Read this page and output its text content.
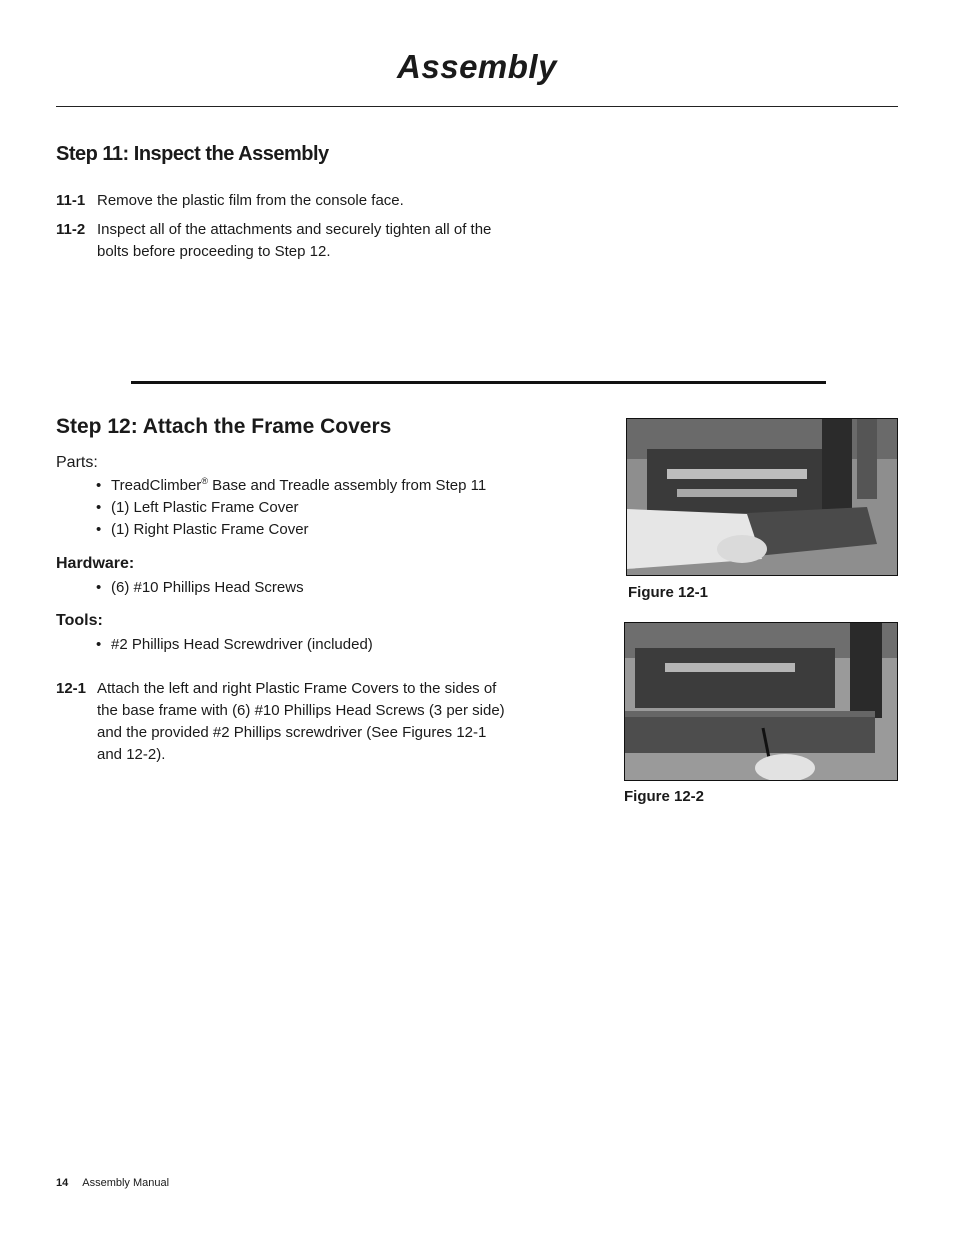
Assembly
Step 11: Inspect the Assembly
11-1 Remove the plastic film from the console face.
11-2 Inspect all of the attachments and securely tighten all of the bolts before proceeding to Step 12.
Step 12: Attach the Frame Covers
Parts:
• TreadClimber® Base and Treadle assembly from Step 11
• (1) Left Plastic Frame Cover
• (1) Right Plastic Frame Cover
Hardware:
• (6) #10 Phillips Head Screws
Tools:
• #2 Phillips Head Screwdriver (included)
12-1 Attach the left and right Plastic Frame Covers to the sides of the base frame with (6) #10 Phillips Head Screws (3 per side) and the provided #2 Phillips screwdriver (See Figures 12-1 and 12-2).
Figure 12-1
Figure 12-2
14 Assembly Manual
